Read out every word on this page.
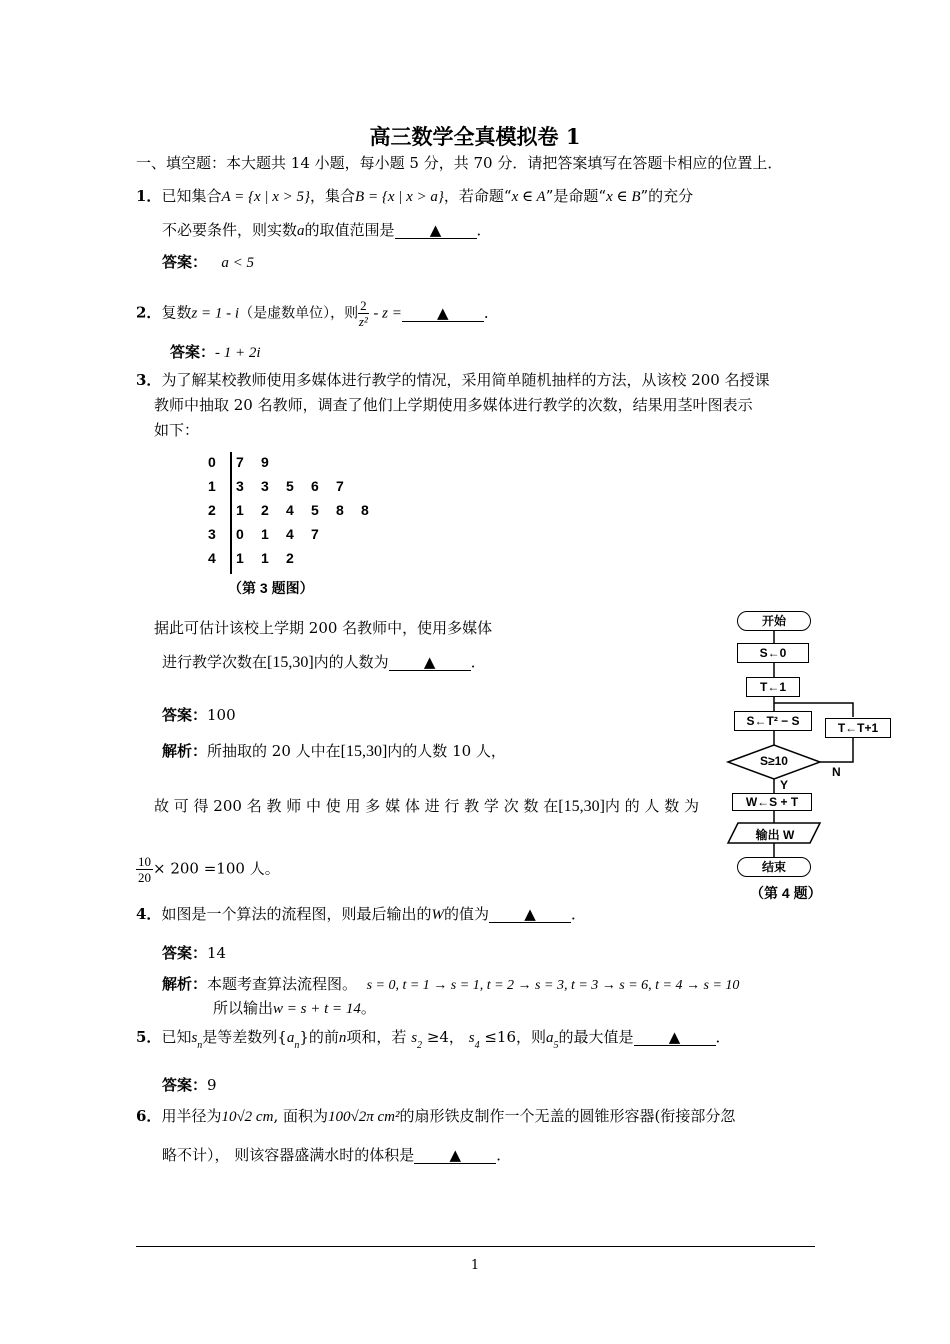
高三数学全真模拟卷 1
一、填空题：本大题共 14 小题，每小题 5 分，共 70 分．请把答案填写在答题卡相应的位置上．
1．已知集合A = {x | x > 5}，集合B = {x | x > a}，若命题“x ∈ A”是命题“x ∈ B”的充分
不必要条件，则实数a的取值范围是 ▲ ．
答案： a < 5
2．复数z = 1 - i（是虚数单位），则 $\frac{2}{\text{z²}}$ - z = ▲ ．
答案：- 1 + 2i
3．为了解某校教师使用多媒体进行教学的情况，采用简单随机抽样的方法，从该校 200 名授课
教师中抽取 20 名教师，调查了他们上学期使用多媒体进行教学的次数，结果用茎叶图表示
如下：
0 7 9
1 3 3 5 6 7
2 1 2 4 5 8 8
3 0 1 4 7
4 1 1 2
（第 3 题图）
据此可估计该校上学期 200 名教师中，使用多媒体
进行教学次数在[15,30]内的人数为 ▲ ．
答案：100
解析：所抽取的 20 人中在[15,30]内的人数 10 人，
故 可 得 200 名 教 师 中 使 用 多 媒 体 进 行 教 学 次 数 在[15,30]内 的 人 数 为
$\frac{10}{20} \times 200 =100$ 人。
开始
S←0
T←1
S←T² − S	T←T+1
S≥10
N
Y
W←S + T
输出 W
结束
（第 4 题）
4．如图是一个算法的流程图，则最后输出的W的值为 ▲ ．
答案：14
解析：本题考查算法流程图。 s = 0, t = 1 → s = 1, t = 2 → s = 3, t = 3 → s = 6, t = 4 → s = 10
所以输出w = s + t = 14。
5．已知$s_n$是等差数列$\{a_n\}$的前n项和，若 $s_2 \ge 4$， $s_4 \le 16$，则$a_5$的最大值是 ▲ ．
答案：9
6．用半径为10√2 cm, 面积为100√2π cm²的扇形铁皮制作一个无盖的圆锥形容器(衔接部分忽
略不计）， 则该容器盛满水时的体积是 ▲ ．
1
